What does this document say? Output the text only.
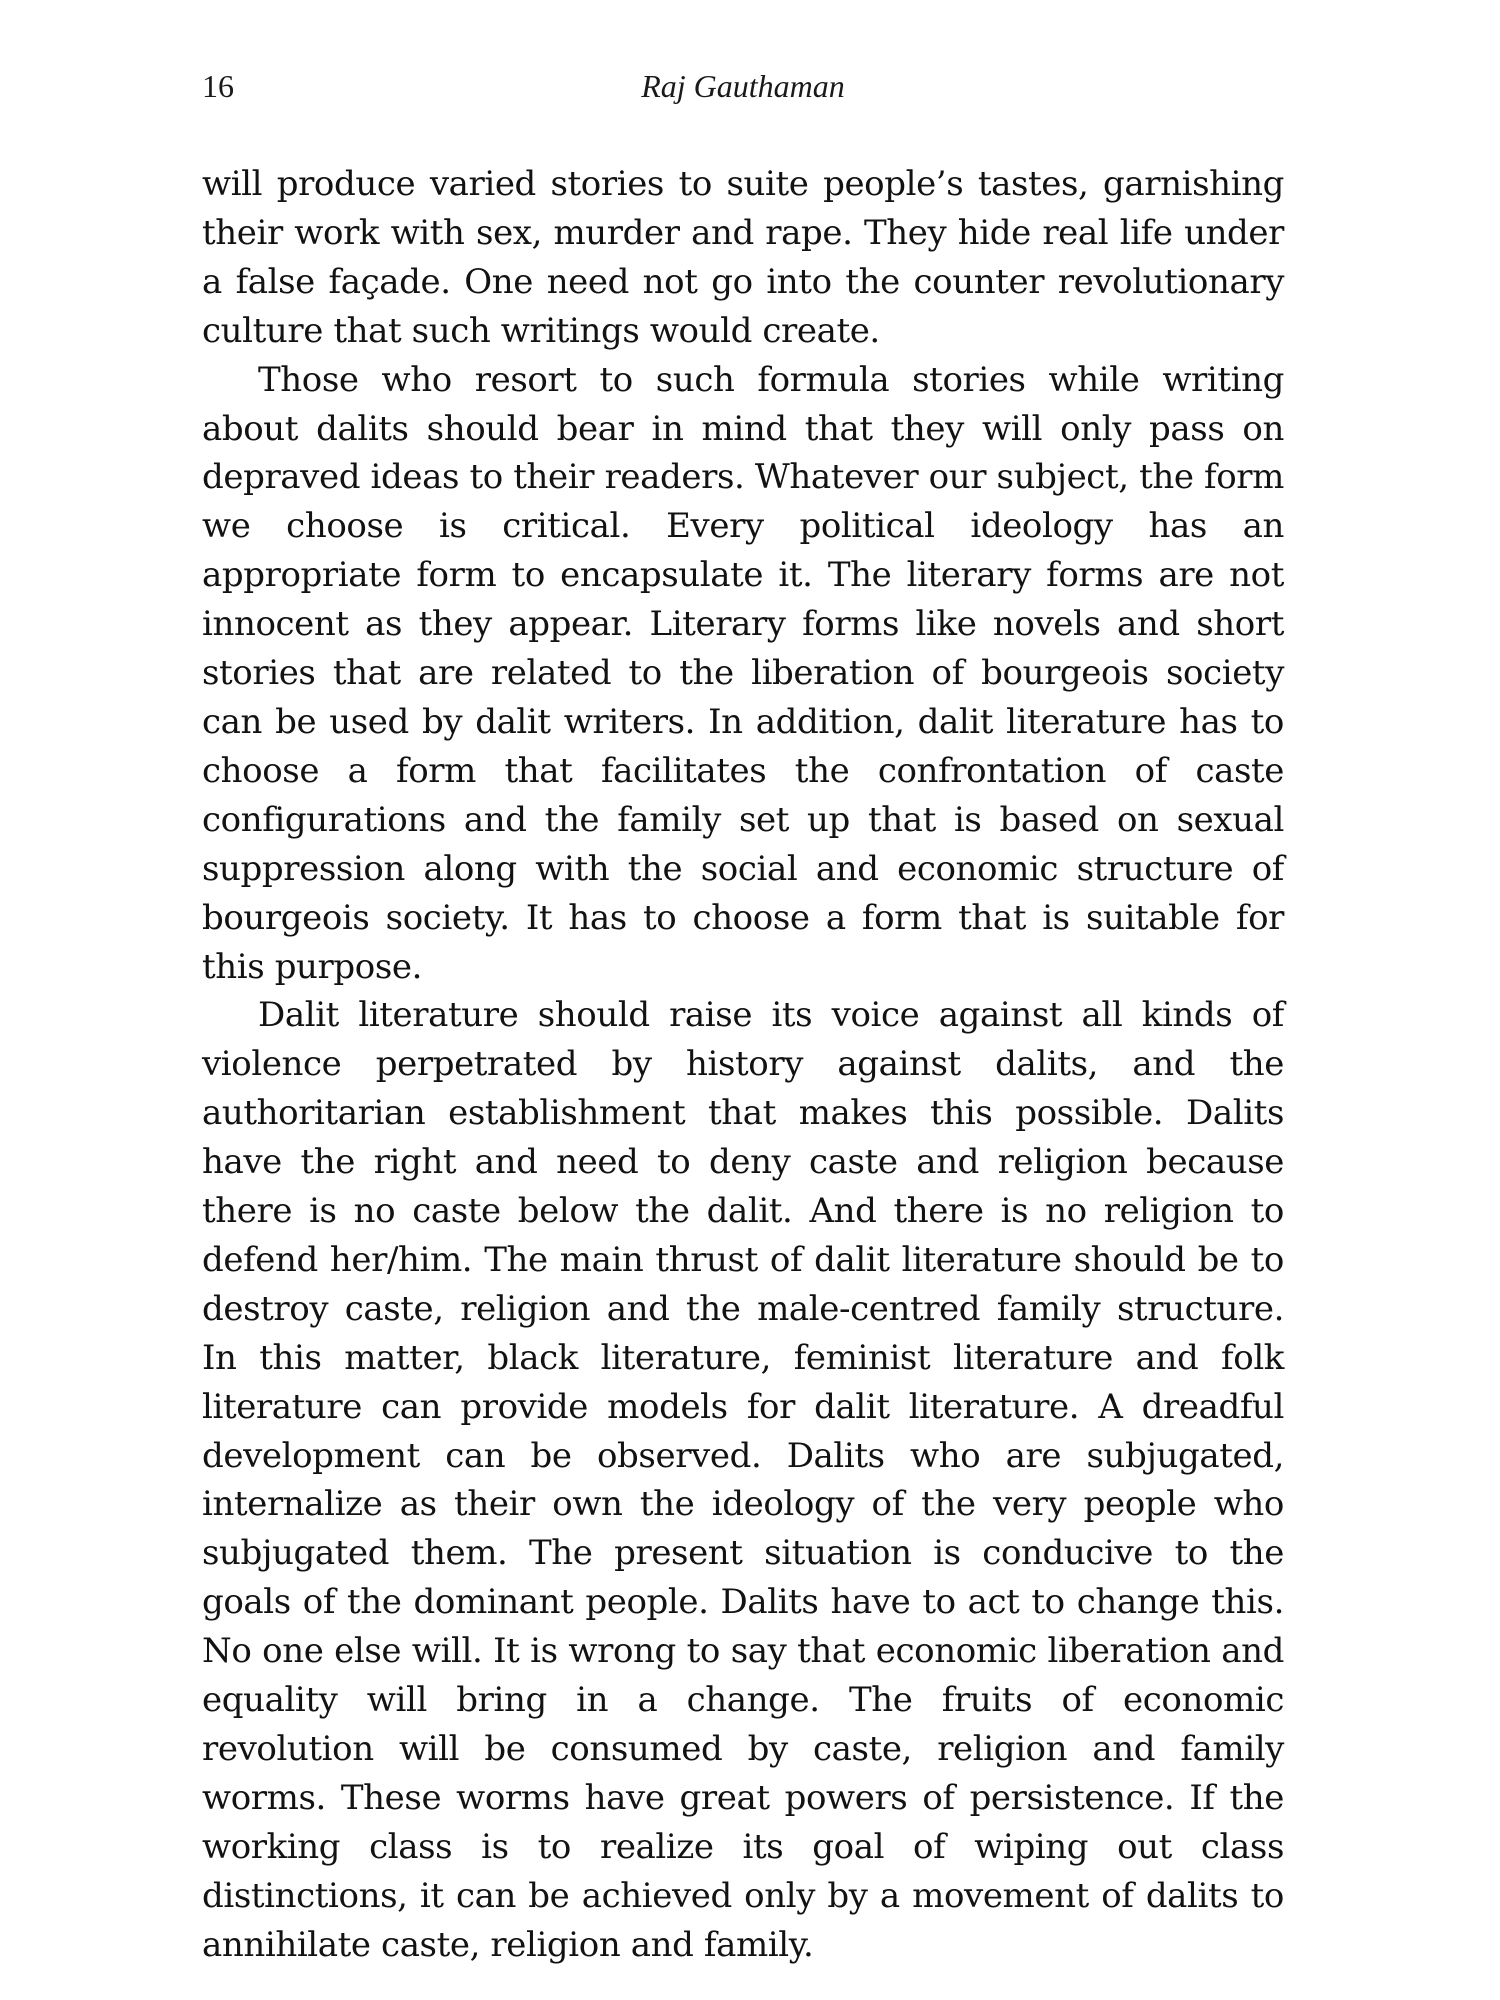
16	Raj Gauthaman

will produce varied stories to suite people’s tastes, garnishing their work with sex, murder and rape. They hide real life under a false façade. One need not go into the counter revolutionary culture that such writings would create.

Those who resort to such formula stories while writing about dalits should bear in mind that they will only pass on depraved ideas to their readers. Whatever our subject, the form we choose is critical. Every political ideology has an appropriate form to encapsulate it. The literary forms are not innocent as they appear. Literary forms like novels and short stories that are related to the liberation of bourgeois society can be used by dalit writers. In addition, dalit literature has to choose a form that facilitates the confrontation of caste configurations and the family set up that is based on sexual suppression along with the social and economic structure of bourgeois society. It has to choose a form that is suitable for this purpose.

Dalit literature should raise its voice against all kinds of violence perpetrated by history against dalits, and the authoritarian establishment that makes this possible. Dalits have the right and need to deny caste and religion because there is no caste below the dalit. And there is no religion to defend her/him. The main thrust of dalit literature should be to destroy caste, religion and the male-centred family structure. In this matter, black literature, feminist literature and folk literature can provide models for dalit literature. A dreadful development can be observed. Dalits who are subjugated, internalize as their own the ideology of the very people who subjugated them. The present situation is conducive to the goals of the dominant people. Dalits have to act to change this. No one else will. It is wrong to say that economic liberation and equality will bring in a change. The fruits of economic revolution will be consumed by caste, religion and family worms. These worms have great powers of persistence. If the working class is to realize its goal of wiping out class distinctions, it can be achieved only by a movement of dalits to annihilate caste, religion and family.
